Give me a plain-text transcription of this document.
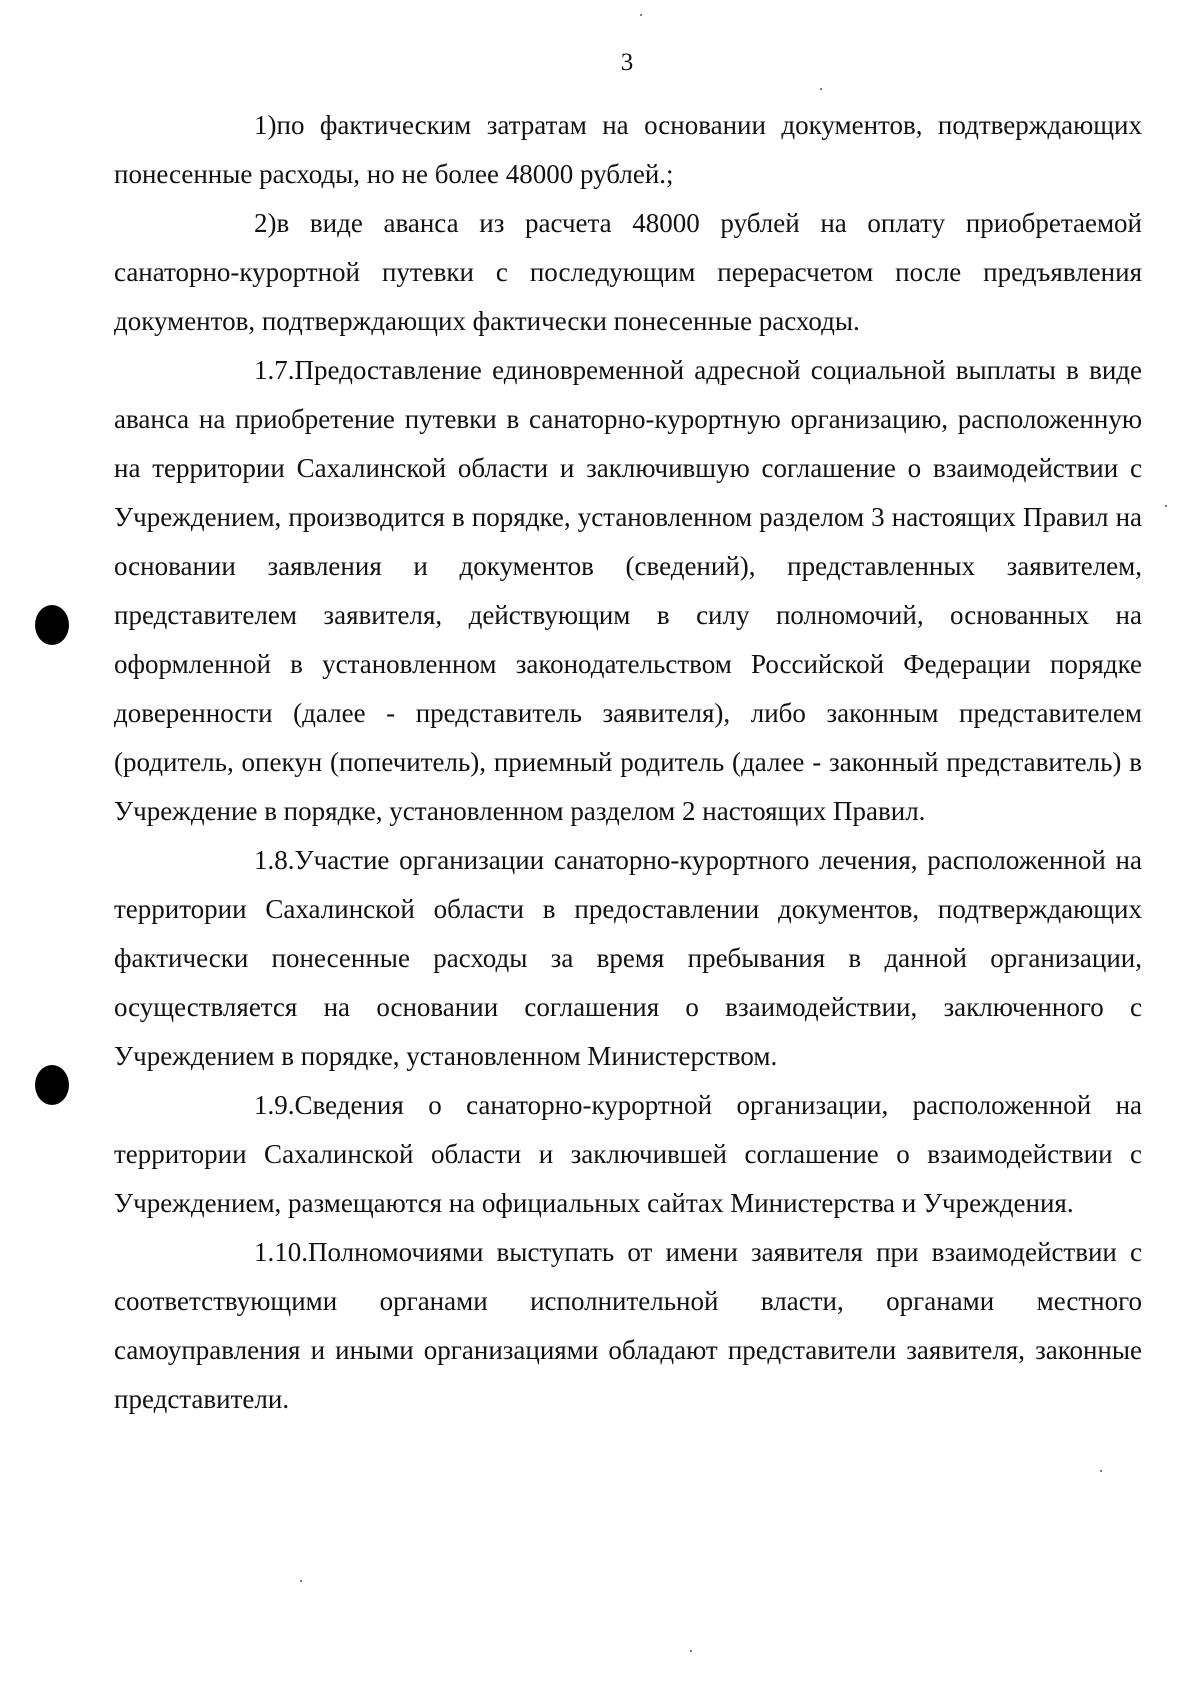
3

1)по фактическим затратам на основании документов, подтверждающих понесенные расходы, но не более 48000 рублей.;

2)в виде аванса из расчета 48000 рублей на оплату приобретаемой санаторно-курортной путевки с последующим перерасчетом после предъявления документов, подтверждающих фактически понесенные расходы.

1.7.Предоставление единовременной адресной социальной выплаты в виде аванса на приобретение путевки в санаторно-курортную организацию, расположенную на территории Сахалинской области и заключившую соглашение о взаимодействии с Учреждением, производится в порядке, установленном разделом 3 настоящих Правил на основании заявления и документов (сведений), представленных заявителем, представителем заявителя, действующим в силу полномочий, основанных на оформленной в установленном законодательством Российской Федерации порядке доверенности (далее - представитель заявителя), либо законным представителем (родитель, опекун (попечитель), приемный родитель (далее - законный представитель) в Учреждение в порядке, установленном разделом 2 настоящих Правил.

1.8.Участие организации санаторно-курортного лечения, расположенной на территории Сахалинской области в предоставлении документов, подтверждающих фактически понесенные расходы за время пребывания в данной организации, осуществляется на основании соглашения о взаимодействии, заключенного с Учреждением в порядке, установленном Министерством.

1.9.Сведения о санаторно-курортной организации, расположенной на территории Сахалинской области и заключившей соглашение о взаимодействии с Учреждением, размещаются на официальных сайтах Министерства и Учреждения.

1.10.Полномочиями выступать от имени заявителя при взаимодействии с соответствующими органами исполнительной власти, органами местного самоуправления и иными организациями обладают представители заявителя, законные представители.
